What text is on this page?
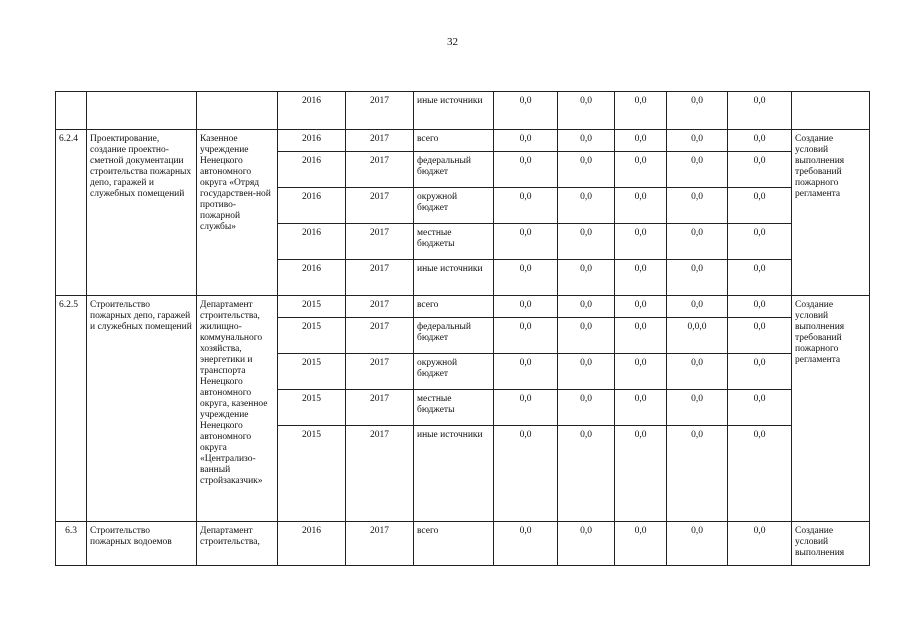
32
			2016	2017	иные источники	0,0	0,0	0,0	0,0	0,0	
6.2.4	Проектирование, создание проектно-сметной документации строительства пожарных депо, гаражей и служебных помещений	Казенное учреждение Ненецкого автономного округа «Отряд государствен-ной противо-пожарной службы»	2016	2017	всего	0,0	0,0	0,0	0,0	0,0	Создание условий выполнения требований пожарного регламента
			2016	2017	федеральный бюджет	0,0	0,0	0,0	0,0	0,0	
			2016	2017	окружной бюджет	0,0	0,0	0,0	0,0	0,0	
			2016	2017	местные бюджеты	0,0	0,0	0,0	0,0	0,0	
			2016	2017	иные источники	0,0	0,0	0,0	0,0	0,0	
6.2.5	Строительство пожарных депо, гаражей и служебных помещений	Департамент строительства, жилищно-коммунального хозяйства, энергетики и транспорта Ненецкого автономного округа, казенное учреждение Ненецкого автономного округа «Централизо-ванный стройзаказчик»	2015	2017	всего	0,0	0,0	0,0	0,0	0,0	Создание условий выполнения требований пожарного регламента
			2015	2017	федеральный бюджет	0,0	0,0	0,0	0,0,0	0,0	
			2015	2017	окружной бюджет	0,0	0,0	0,0	0,0	0,0	
			2015	2017	местные бюджеты	0,0	0,0	0,0	0,0	0,0	
			2015	2017	иные источники	0,0	0,0	0,0	0,0	0,0	
6.3	Строительство пожарных водоемов	Департамент строительства,	2016	2017	всего	0,0	0,0	0,0	0,0	0,0	Создание условий выполнения
